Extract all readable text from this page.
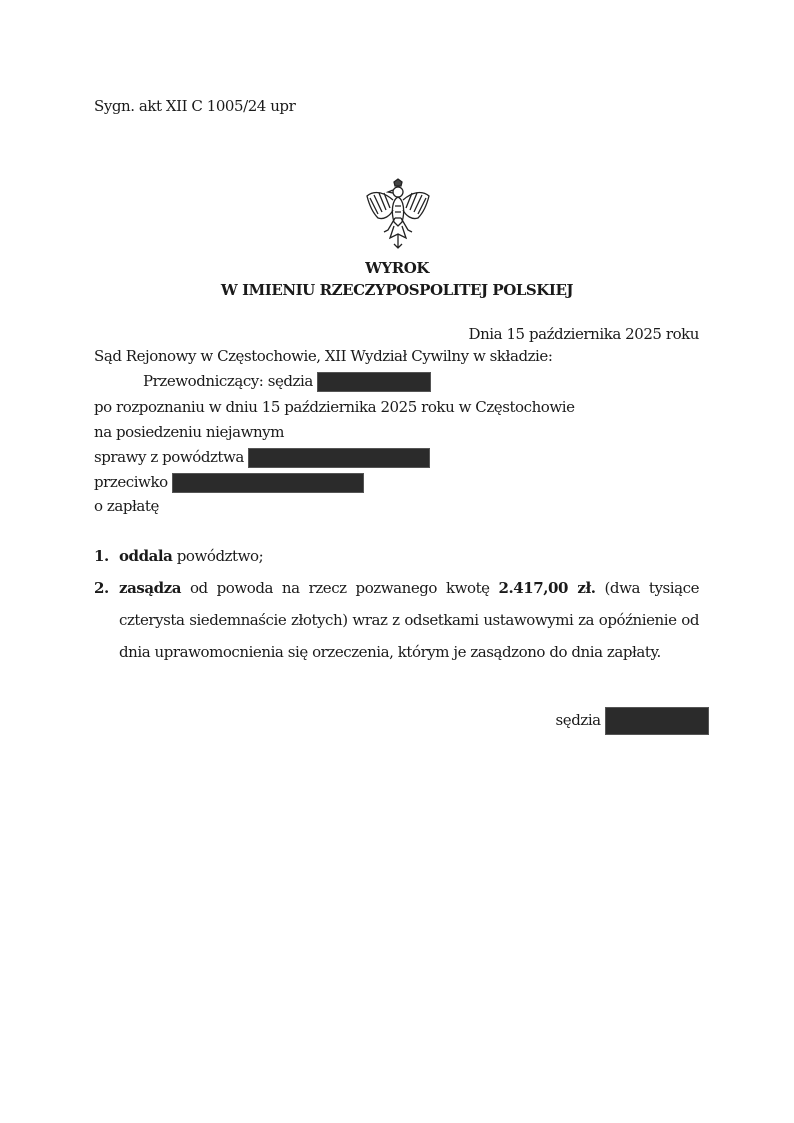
Sygn. akt XII C 1005/24 upr
WYROK
W IMIENIU RZECZYPOSPOLITEJ POLSKIEJ
Dnia 15 października 2025 roku
Sąd Rejonowy w Częstochowie, XII Wydział Cywilny w składzie:
Przewodniczący: sędzia
po rozpoznaniu w dniu 15 października 2025 roku w Częstochowie
na posiedzeniu niejawnym
sprawy z powództwa
przeciwko
o zapłatę
1. oddala powództwo;
2. zasądza od powoda na rzecz pozwanego kwotę 2.417,00 zł. (dwa tysiące czterysta siedemnaście złotych) wraz z odsetkami ustawowymi za opóźnienie od dnia uprawomocnienia się orzeczenia, którym je zasądzono do dnia zapłaty.
sędzia
